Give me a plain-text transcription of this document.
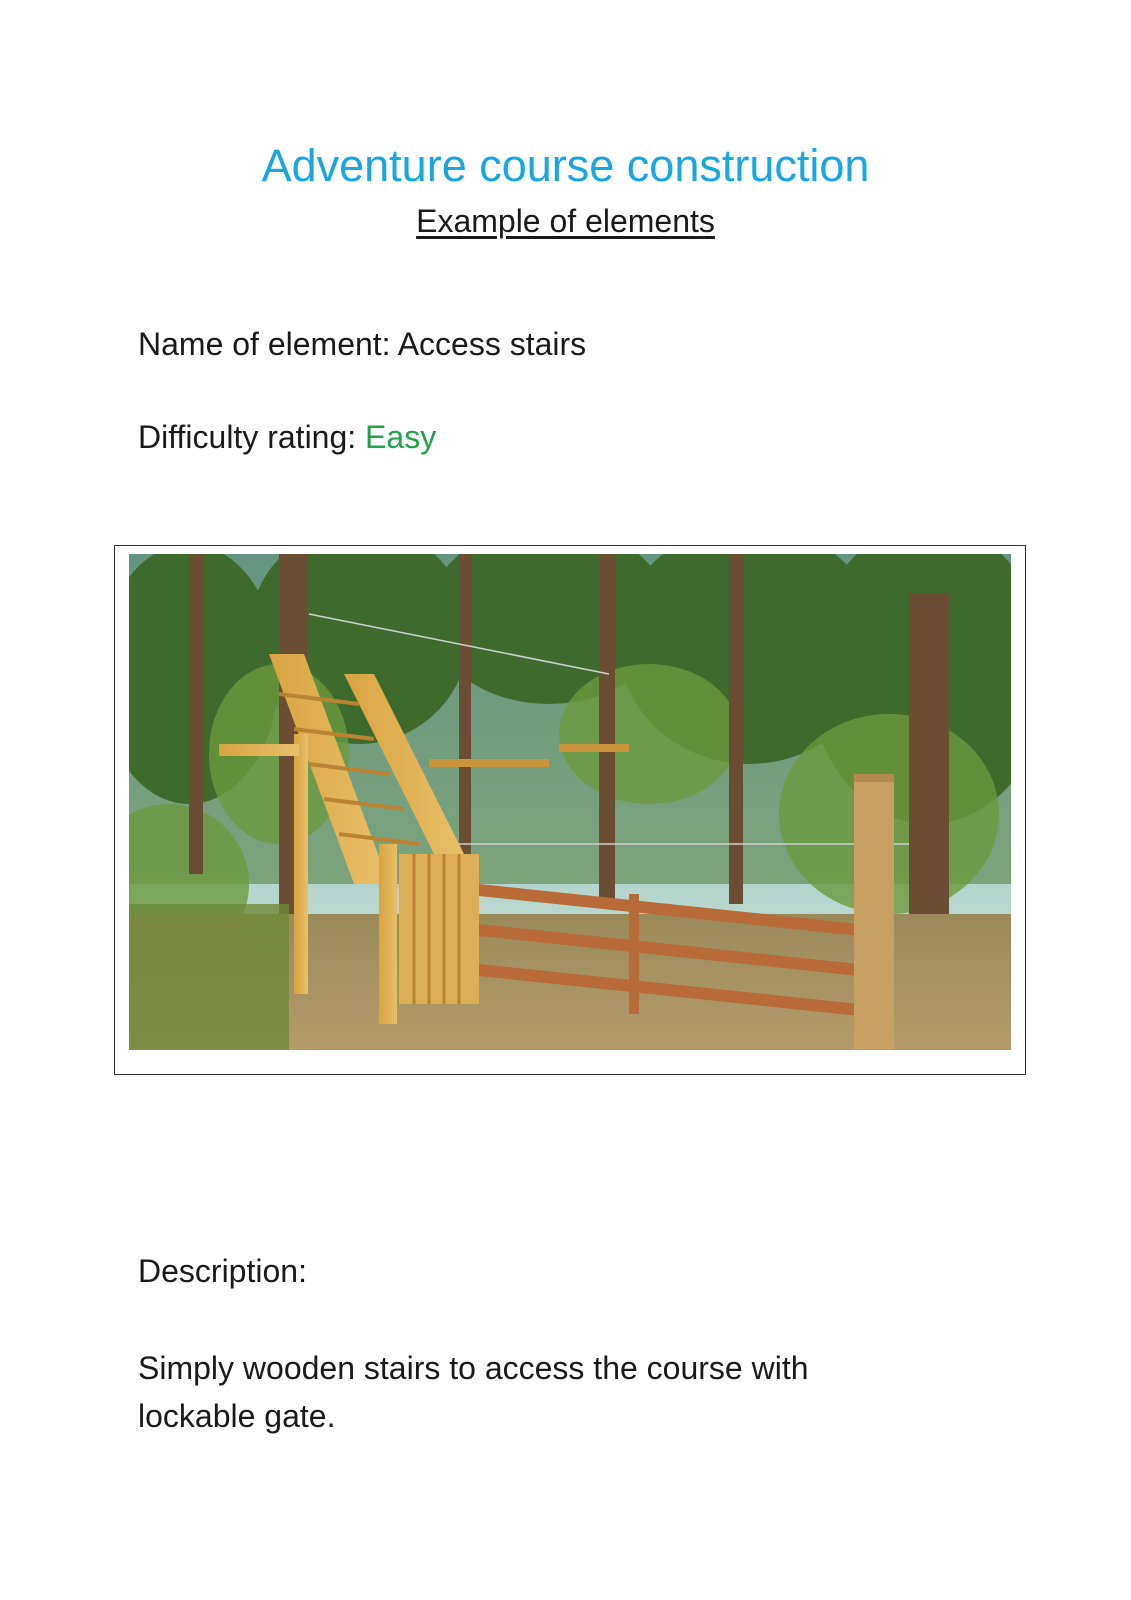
Adventure course construction
Example of elements
Name of element: Access stairs
Difficulty rating: Easy
Description:
Simply wooden stairs to access the course with lockable gate.
